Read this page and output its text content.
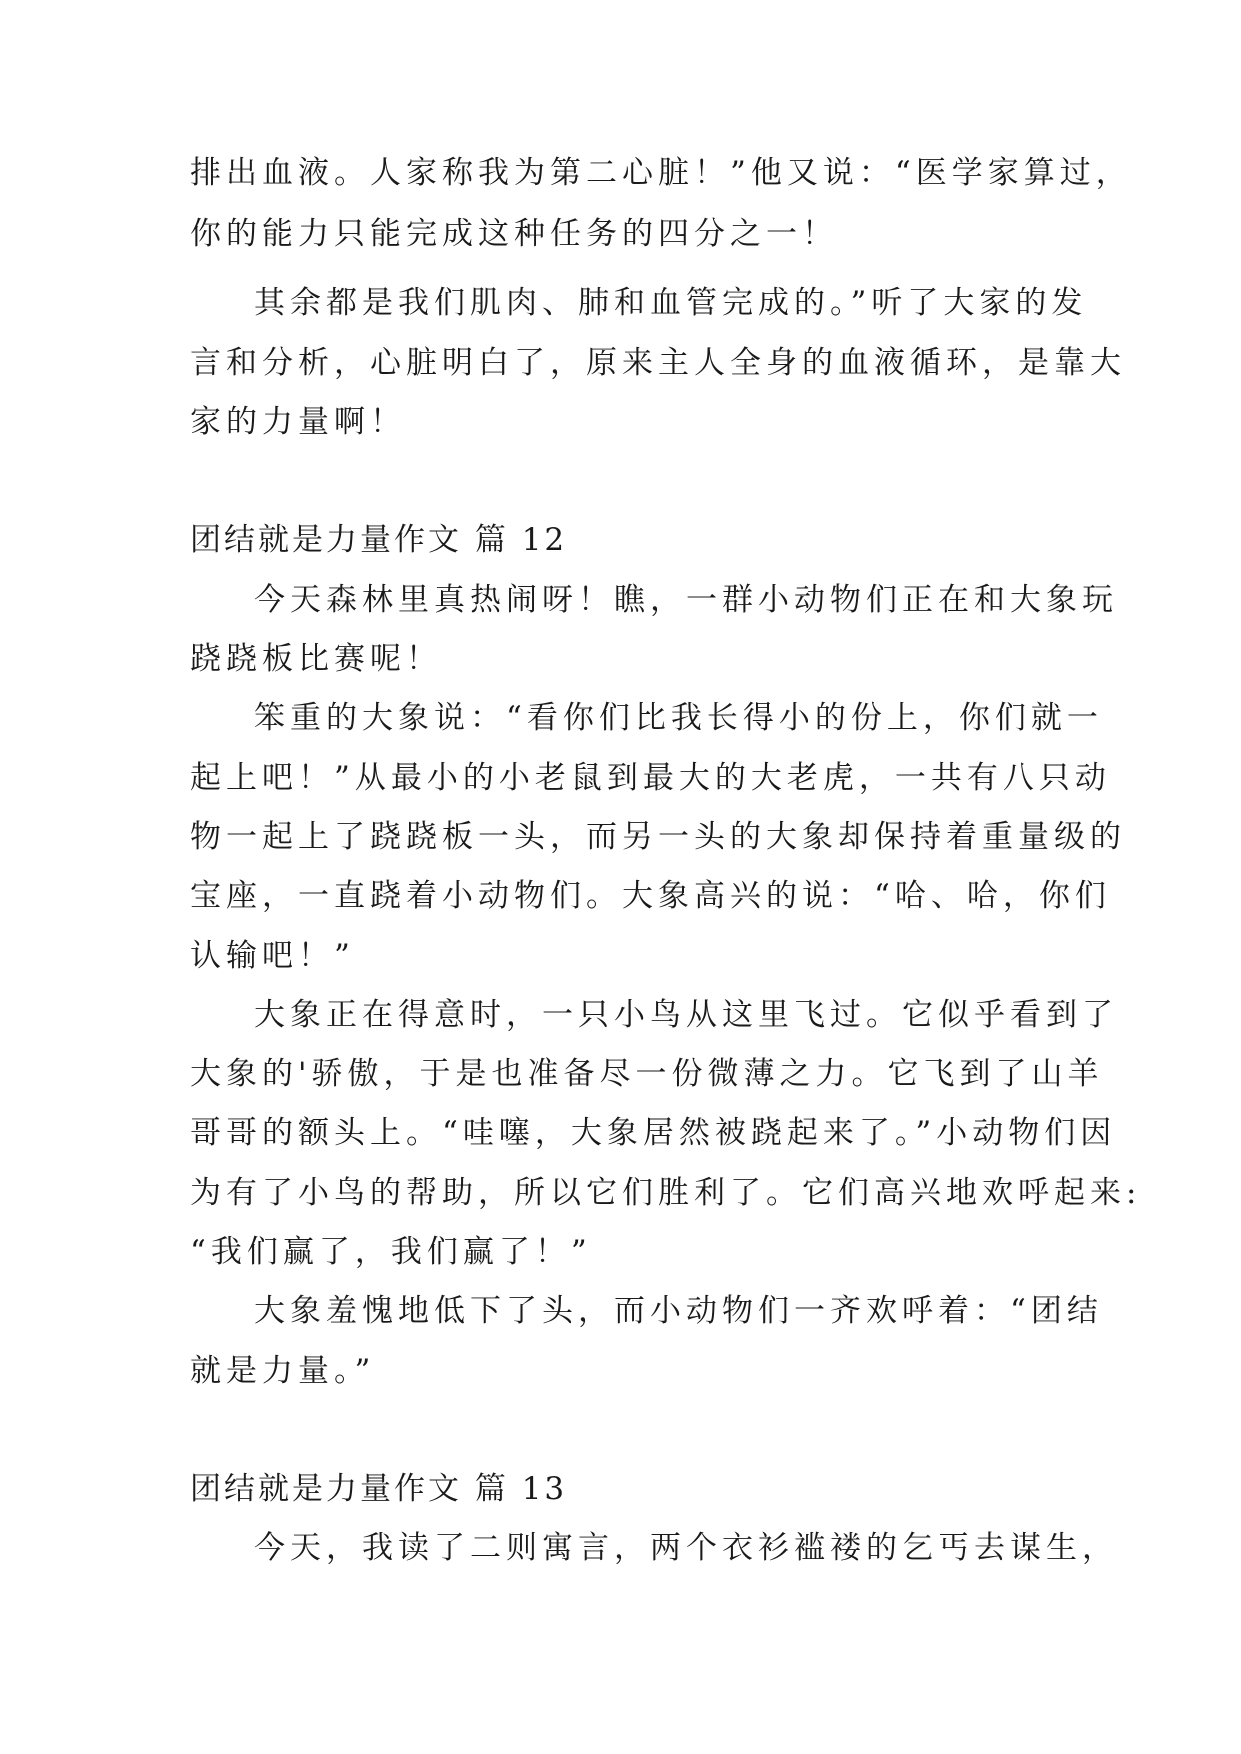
排出血液。人家称我为第二心脏！”他又说：“医学家算过，
你的能力只能完成这种任务的四分之一！
其余都是我们肌肉、肺和血管完成的。”听了大家的发
言和分析，心脏明白了，原来主人全身的血液循环，是靠大
家的力量啊！
团结就是力量作文 篇 12
今天森林里真热闹呀！瞧，一群小动物们正在和大象玩
跷跷板比赛呢！
笨重的大象说：“看你们比我长得小的份上，你们就一
起上吧！”从最小的小老鼠到最大的大老虎，一共有八只动
物一起上了跷跷板一头，而另一头的大象却保持着重量级的
宝座，一直跷着小动物们。大象高兴的说：“哈、哈，你们
认输吧！”
大象正在得意时，一只小鸟从这里飞过。它似乎看到了
大象的'骄傲，于是也准备尽一份微薄之力。它飞到了山羊
哥哥的额头上。“哇噻，大象居然被跷起来了。”小动物们因
为有了小鸟的帮助，所以它们胜利了。它们高兴地欢呼起来:
“我们赢了，我们赢了！”
大象羞愧地低下了头，而小动物们一齐欢呼着：“团结
就是力量。”
团结就是力量作文 篇 13
今天，我读了二则寓言，两个衣衫褴褛的乞丐去谋生，
